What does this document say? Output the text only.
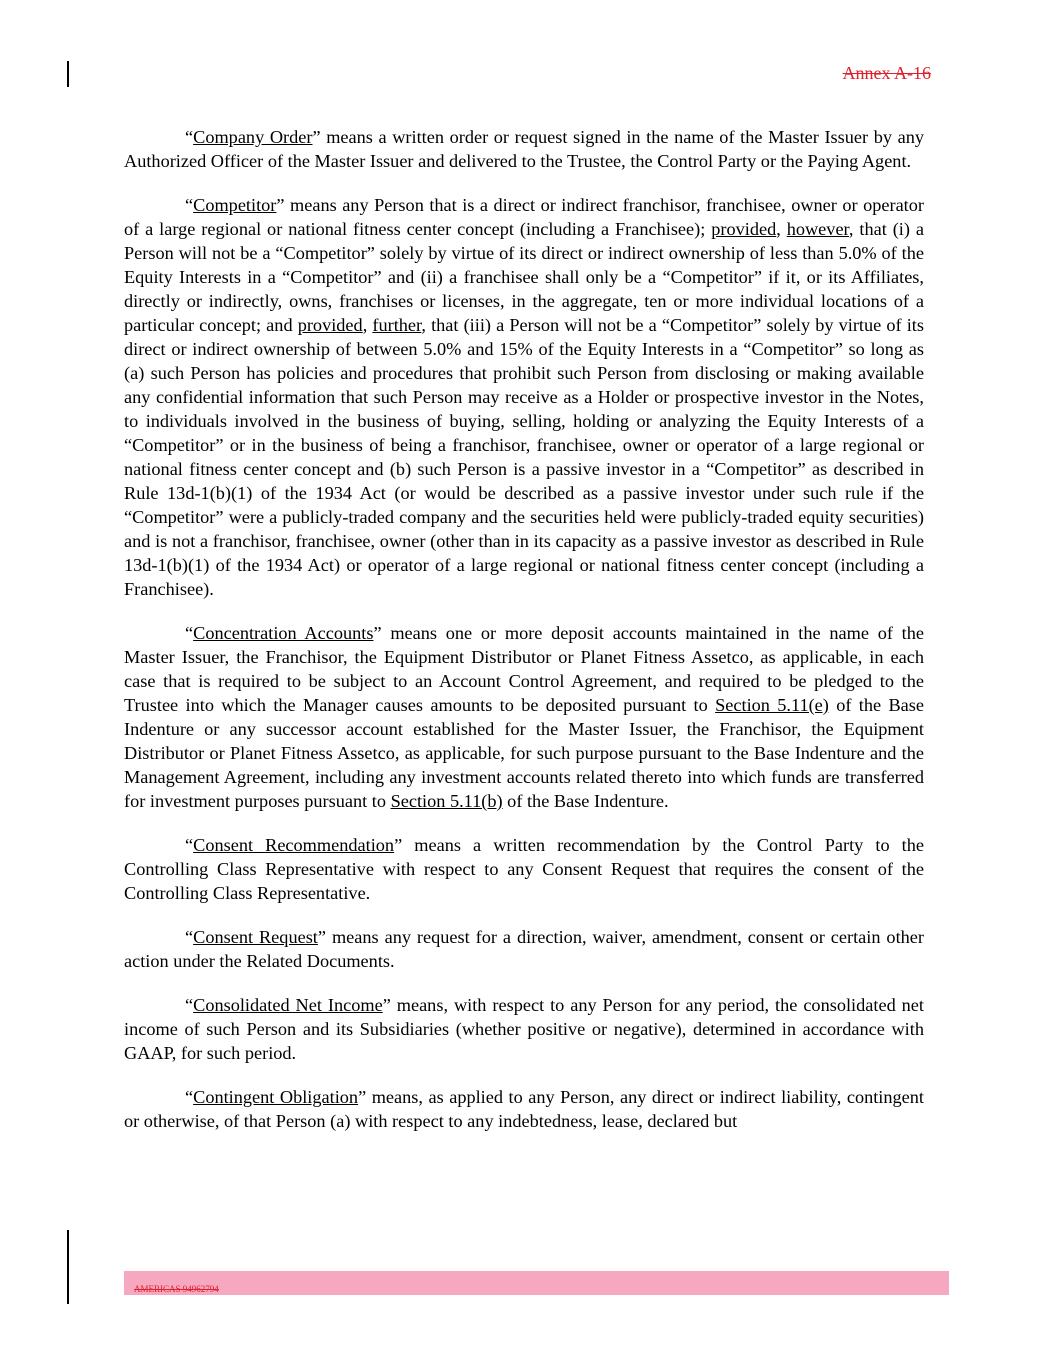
Annex A-16

“Company Order” means a written order or request signed in the name of the Master Issuer by any Authorized Officer of the Master Issuer and delivered to the Trustee, the Control Party or the Paying Agent.

“Competitor” means any Person that is a direct or indirect franchisor, franchisee, owner or operator of a large regional or national fitness center concept (including a Franchisee); provided, however, that (i) a Person will not be a “Competitor” solely by virtue of its direct or indirect ownership of less than 5.0% of the Equity Interests in a “Competitor” and (ii) a franchisee shall only be a “Competitor” if it, or its Affiliates, directly or indirectly, owns, franchises or licenses, in the aggregate, ten or more individual locations of a particular concept; and provided, further, that (iii) a Person will not be a “Competitor” solely by virtue of its direct or indirect ownership of between 5.0% and 15% of the Equity Interests in a “Competitor” so long as (a) such Person has policies and procedures that prohibit such Person from disclosing or making available any confidential information that such Person may receive as a Holder or prospective investor in the Notes, to individuals involved in the business of buying, selling, holding or analyzing the Equity Interests of a “Competitor” or in the business of being a franchisor, franchisee, owner or operator of a large regional or national fitness center concept and (b) such Person is a passive investor in a “Competitor” as described in Rule 13d-1(b)(1) of the 1934 Act (or would be described as a passive investor under such rule if the “Competitor” were a publicly-traded company and the securities held were publicly-traded equity securities) and is not a franchisor, franchisee, owner (other than in its capacity as a passive investor as described in Rule 13d-1(b)(1) of the 1934 Act) or operator of a large regional or national fitness center concept (including a Franchisee).

“Concentration Accounts” means one or more deposit accounts maintained in the name of the Master Issuer, the Franchisor, the Equipment Distributor or Planet Fitness Assetco, as applicable, in each case that is required to be subject to an Account Control Agreement, and required to be pledged to the Trustee into which the Manager causes amounts to be deposited pursuant to Section 5.11(e) of the Base Indenture or any successor account established for the Master Issuer, the Franchisor, the Equipment Distributor or Planet Fitness Assetco, as applicable, for such purpose pursuant to the Base Indenture and the Management Agreement, including any investment accounts related thereto into which funds are transferred for investment purposes pursuant to Section 5.11(b) of the Base Indenture.

“Consent Recommendation” means a written recommendation by the Control Party to the Controlling Class Representative with respect to any Consent Request that requires the consent of the Controlling Class Representative.

“Consent Request” means any request for a direction, waiver, amendment, consent or certain other action under the Related Documents.

“Consolidated Net Income” means, with respect to any Person for any period, the consolidated net income of such Person and its Subsidiaries (whether positive or negative), determined in accordance with GAAP, for such period.

“Contingent Obligation” means, as applied to any Person, any direct or indirect liability, contingent or otherwise, of that Person (a) with respect to any indebtedness, lease, declared but

AMERICAS 94962794
